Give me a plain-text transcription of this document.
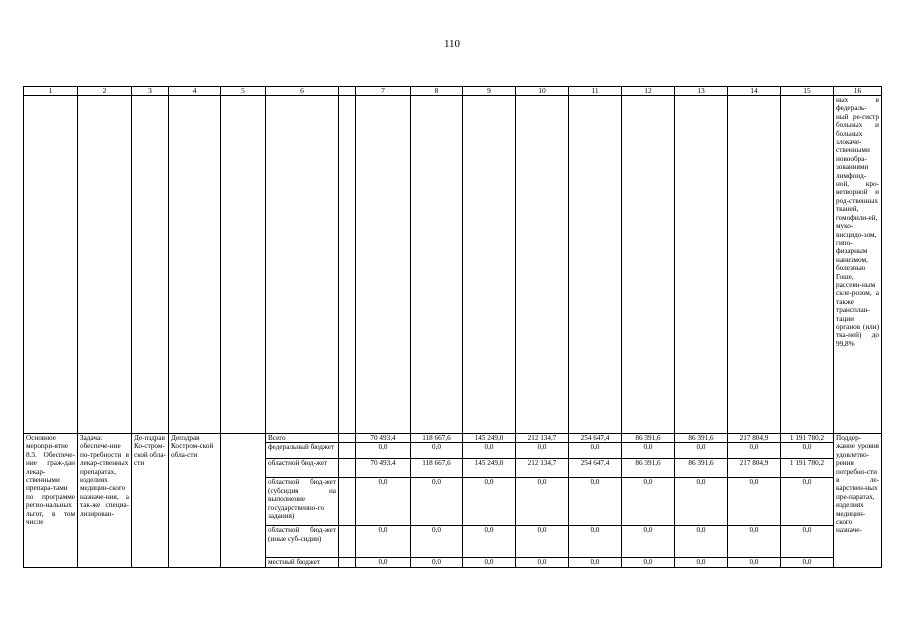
110
1	2	3	4	5	6		7	8	9	10	11	12	13	14	15	16
																ных в федераль-ный ре-гистр больных и больных злокаче-ственными новообра-зованиями лимфоид-ной, кро-ветворной и род-ственных тканей, гемофили-ей, муко-висцидо-зом, гипо-физарным нанизмом, болезнью Гоше, рассеян-ным скле-розом, а также трансплан-тации органов (или) тка-ней) до 99,8%
Основное меропри-ятие 8.3. Обеспече-ние граж-дан лекар-ственными препара-тами по программе регио-нальных льгот, в том числе	Задача: обеспече-ние по-требности в лекар-ственных препаратах, изделиях медицин-ского назначе-ния, а так-же специа-лизирован-	Де-пздрав Ко-стром-ской обла-сти	Депздрав Костром-ской обла-сти		Всего		70 493,4	118 667,6	145 249,0	212 134,7	254 647,4	86 391,6	86 391,6	217 804,9	1 191 780,2	Поддер-жание уровня удовлетво-рения потребно-сти в ле-карствен-ных пре-паратах, изделиях медицин-ского назначе-
					федеральный бюджет		0,0	0,0	0,0	0,0	0,0	0,0	0,0	0,0	0,0	
					областной бюд-жет		70 493,4	118 667,6	145 249,0	212 134,7	254 647,4	86 391,6	86 391,6	217 804,9	1 191 780,2	
					областной бюд-жет (субсидия на выполнение государственно-го задания)		0,0	0,0	0,0	0,0	0,0	0,0	0,0	0,0	0,0	
					областной бюд-жет (иные суб-сидии)		0,0	0,0	0,0	0,0	0,0	0,0	0,0	0,0	0,0	
					местный бюджет		0,0	0,0	0,0	0,0	0,0	0,0	0,0	0,0	0,0	
